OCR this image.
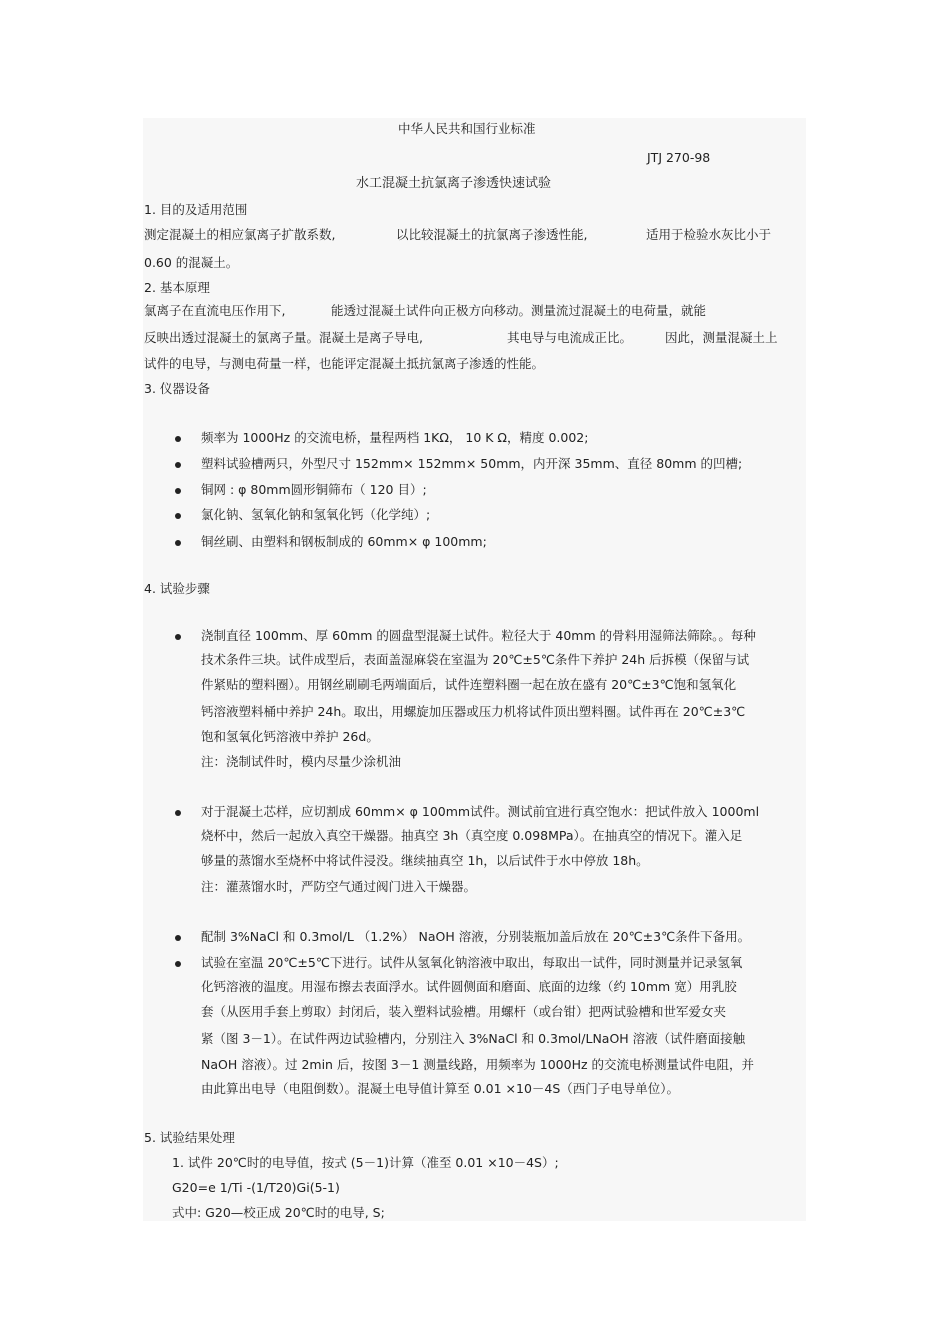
中华人民共和国行业标准
JTJ 270-98
水工混凝土抗氯离子渗透快速试验
1. 目的及适用范围
测定混凝土的相应氯离子扩散系数,	以比较混凝土的抗氯离子渗透性能,	适用于检验水灰比小于
0.60 的混凝土。
2. 基本原理
氯离子在直流电压作用下,	能透过混凝土试件向正极方向移动。测量流过混凝土的电荷量，就能
反映出透过混凝土的氯离子量。混凝土是离子导电,	其电导与电流成正比。	因此，测量混凝土上
试件的电导，与测电荷量一样，也能评定混凝土抵抗氯离子渗透的性能。
3. 仪器设备
频率为 1000Hz 的交流电桥，量程两档 1KΩ， 10 K Ω，精度 0.002;
塑料试验槽两只，外型尺寸 152mm× 152mm× 50mm，内开深 35mm、直径 80mm 的凹槽;
铜网 : φ 80mm圆形铜筛布（ 120 目）;
氯化钠、氢氧化钠和氢氧化钙（化学纯）;
铜丝刷、由塑料和钢板制成的 60mm× φ 100mm;
4. 试验步骤
浇制直径 100mm、厚 60mm 的圆盘型混凝土试件。粒径大于 40mm 的骨料用湿筛法筛除。。每种
技术条件三块。试件成型后，表面盖湿麻袋在室温为 20℃±5℃条件下养护 24h 后拆模（保留与试
件紧贴的塑料圈）。用钢丝刷刷毛两端面后，试件连塑料圈一起在放在盛有 20℃±3℃饱和氢氧化
钙溶液塑料桶中养护 24h。取出，用螺旋加压器或压力机将试件顶出塑料圈。试件再在 20℃±3℃
饱和氢氧化钙溶液中养护 26d。
注：浇制试件时，模内尽量少涂机油
对于混凝土芯样，应切割成 60mm× φ 100mm试件。测试前宜进行真空饱水：把试件放入 1000ml
烧杯中，然后一起放入真空干燥器。抽真空 3h（真空度 0.098MPa）。在抽真空的情况下。灌入足
够量的蒸馏水至烧杯中将试件浸没。继续抽真空 1h，以后试件于水中停放 18h。
注：灌蒸馏水时，严防空气通过阀门进入干燥器。
配制 3%NaCl 和 0.3mol/L （1.2%） NaOH 溶液，分别装瓶加盖后放在 20℃±3℃条件下备用。
试验在室温 20℃±5℃下进行。试件从氢氧化钠溶液中取出，每取出一试件，同时测量并记录氢氧
化钙溶液的温度。用湿布擦去表面浮水。试件圆侧面和磨面、底面的边缘（约 10mm 宽）用乳胶
套（从医用手套上剪取）封闭后，装入塑料试验槽。用螺杆（或台钳）把两试验槽和世军爱女夹
紧（图 3－1）。在试件两边试验槽内，分别注入 3%NaCl 和 0.3mol/LNaOH 溶液（试件磨面接触
NaOH 溶液）。过 2min 后，按图 3－1 测量线路，用频率为 1000Hz 的交流电桥测量试件电阻，并
由此算出电导（电阻倒数）。混凝土电导值计算至 0.01 ×10－4S（西门子电导单位）。
5. 试验结果处理
1. 试件 20℃时的电导值，按式 (5－1)计算（准至 0.01 ×10－4S）;
G20=e 1/Ti -(1/T20)Gi(5-1)
式中: G20—校正成 20℃时的电导, S;
